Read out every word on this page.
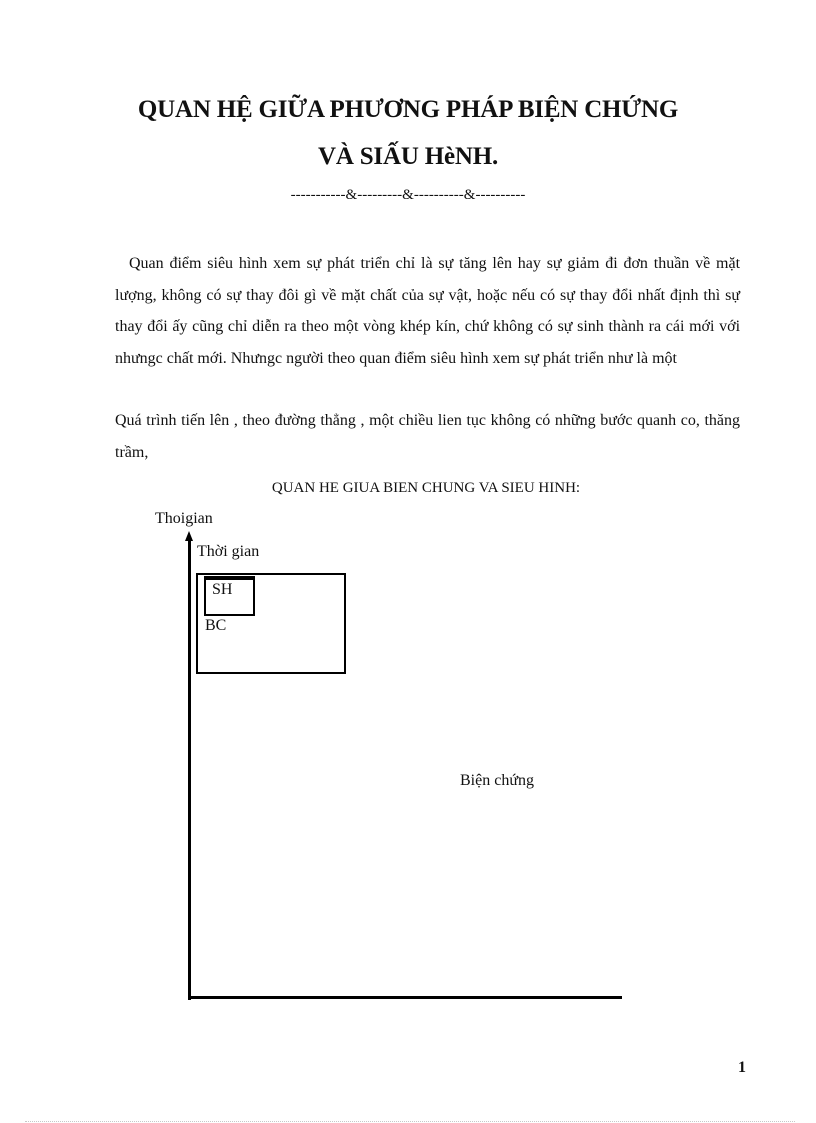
QUAN HỆ GIỮA PHƯƠNG PHÁP BIỆN CHỨNG
VÀ SIẤU HèNH.
-----------&---------&----------&----------

Quan điểm siêu hình xem sự phát triển chỉ là sự tăng lên hay sự giảm đi đơn thuần về mặt lượng, không có sự thay đôi gì về mặt chất của sự vật, hoặc nếu có sự thay đổi nhất định thì sự thay đổi ấy cũng chỉ diễn ra theo một vòng khép kín, chứ không có sự sinh thành ra cái mới với nhưngc chất mới. Nhưngc người theo quan điểm siêu hình xem sự phát triển như là một

Quá trình tiến lên , theo đường thẳng , một chiều lien tục không có những bước quanh co, thăng trầm,

QUAN HE GIUA BIEN CHUNG VA SIEU HINH:
Thoigian
Thời gian
SH
BC
Biện chứng
1
